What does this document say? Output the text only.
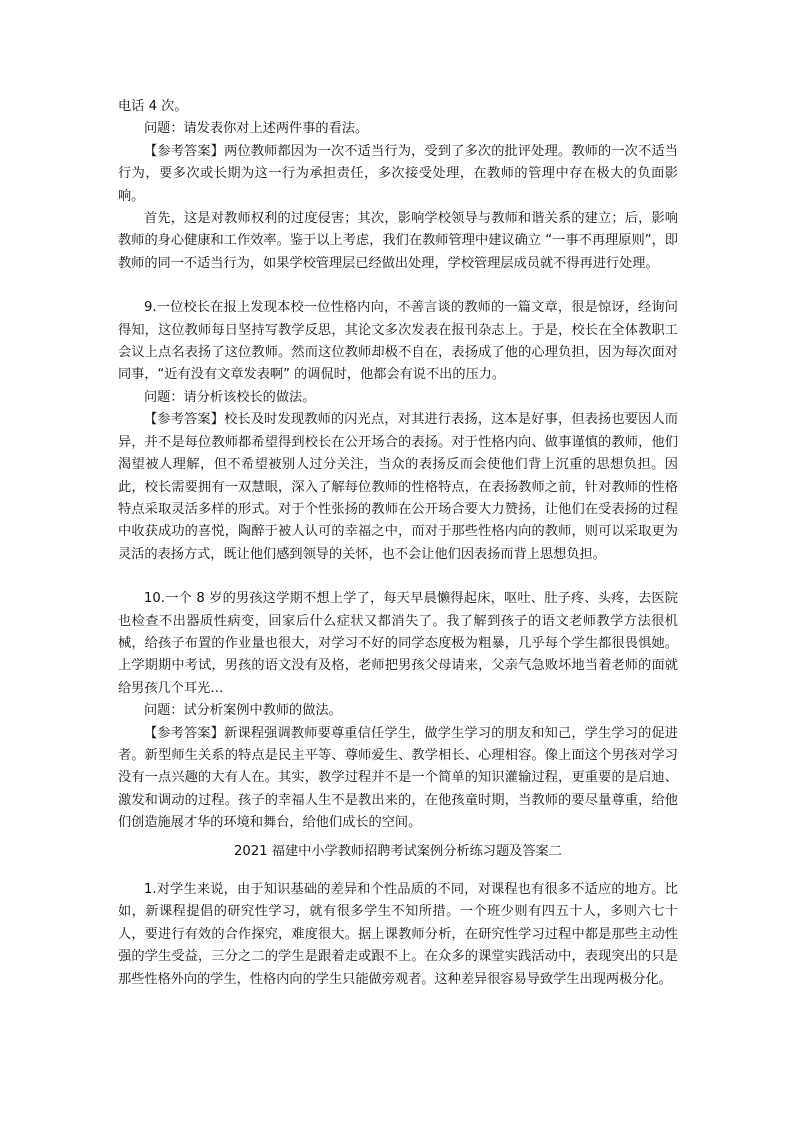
电话 4 次。

问题：请发表你对上述两件事的看法。

【参考答案】两位教师都因为一次不适当行为，受到了多次的批评处理。教师的一次不适当行为，要多次或长期为这一行为承担责任，多次接受处理，在教师的管理中存在极大的负面影响。

首先，这是对教师权利的过度侵害；其次，影响学校领导与教师和谐关系的建立；后，影响教师的身心健康和工作效率。鉴于以上考虑，我们在教师管理中建议确立 “一事不再理原则”，即教师的同一不适当行为，如果学校管理层已经做出处理，学校管理层成员就不得再进行处理。

9.一位校长在报上发现本校一位性格内向，不善言谈的教师的一篇文章，很是惊讶，经询问得知，这位教师每日坚持写教学反思，其论文多次发表在报刊杂志上。于是，校长在全体教职工会议上点名表扬了这位教师。然而这位教师却极不自在，表扬成了他的心理负担，因为每次面对同事，“近有没有文章发表啊” 的调侃时，他都会有说不出的压力。

问题：请分析该校长的做法。

【参考答案】校长及时发现教师的闪光点，对其进行表扬，这本是好事，但表扬也要因人而异，并不是每位教师都希望得到校长在公开场合的表扬。对于性格内向、做事谨慎的教师，他们渴望被人理解，但不希望被别人过分关注，当众的表扬反而会使他们背上沉重的思想负担。因此，校长需要拥有一双慧眼，深入了解每位教师的性格特点，在表扬教师之前，针对教师的性格特点采取灵活多样的形式。对于个性张扬的教师在公开场合要大力赞扬，让他们在受表扬的过程中收获成功的喜悦，陶醉于被人认可的幸福之中，而对于那些性格内向的教师，则可以采取更为灵活的表扬方式，既让他们感到领导的关怀，也不会让他们因表扬而背上思想负担。

10.一个 8 岁的男孩这学期不想上学了，每天早晨懒得起床，呕吐、肚子疼、头疼，去医院也检查不出器质性病变，回家后什么症状又都消失了。我了解到孩子的语文老师教学方法很机械，给孩子布置的作业量也很大，对学习不好的同学态度极为粗暴，几乎每个学生都很畏惧她。上学期期中考试，男孩的语文没有及格，老师把男孩父母请来，父亲气急败坏地当着老师的面就给男孩几个耳光…

问题：试分析案例中教师的做法。

【参考答案】新课程强调教师要尊重信任学生，做学生学习的朋友和知己，学生学习的促进者。新型师生关系的特点是民主平等、尊师爱生、教学相长、心理相容。像上面这个男孩对学习没有一点兴趣的大有人在。其实，教学过程并不是一个简单的知识灌输过程，更重要的是启迪、激发和调动的过程。孩子的幸福人生不是教出来的，在他孩童时期，当教师的要尽量尊重，给他们创造施展才华的环境和舞台，给他们成长的空间。

2021 福建中小学教师招聘考试案例分析练习题及答案二

1.对学生来说，由于知识基础的差异和个性品质的不同，对课程也有很多不适应的地方。比如，新课程提倡的研究性学习，就有很多学生不知所措。一个班少则有四五十人，多则六七十人，要进行有效的合作探究，难度很大。据上课教师分析，在研究性学习过程中都是那些主动性强的学生受益，三分之二的学生是跟着走或跟不上。在众多的课堂实践活动中，表现突出的只是那些性格外向的学生，性格内向的学生只能做旁观者。这种差异很容易导致学生出现两极分化。
